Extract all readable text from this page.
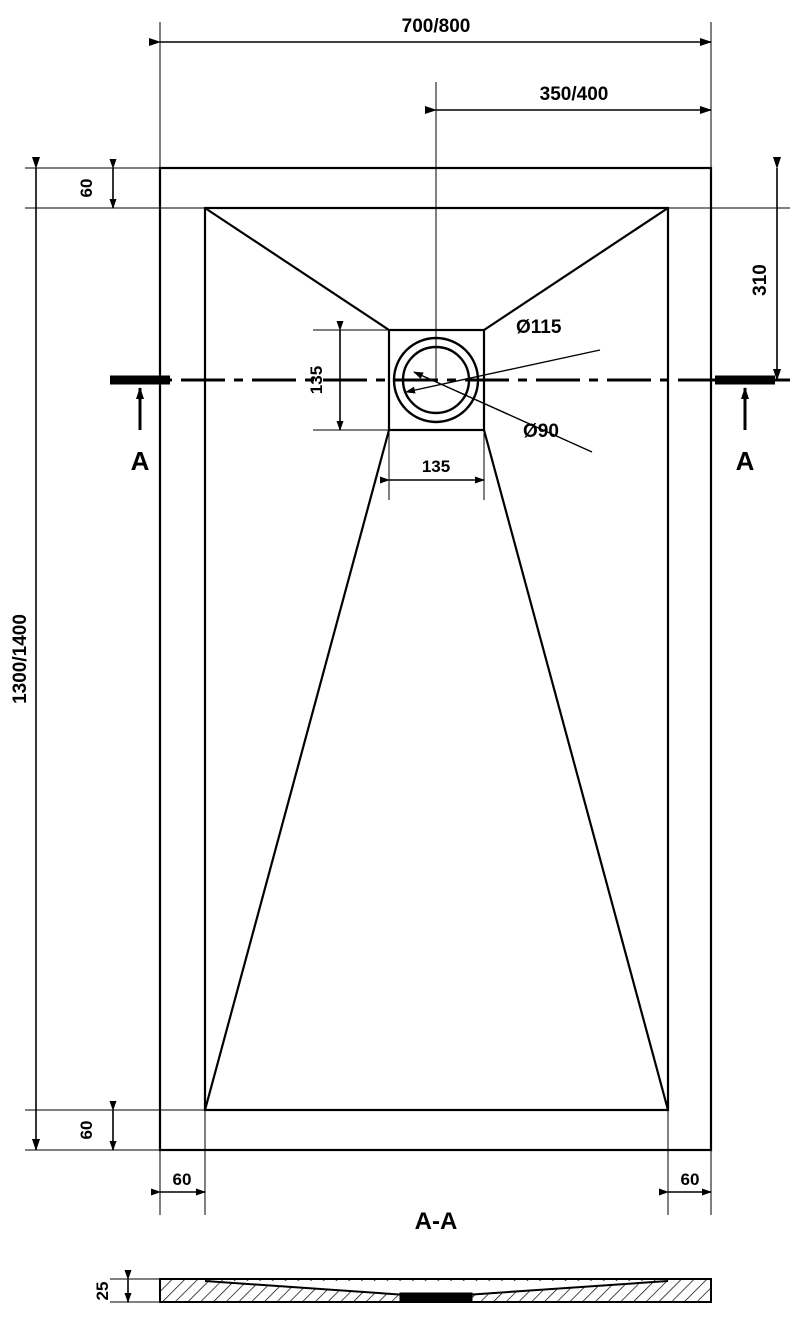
700/800
350/400
1300/1400
60
60
310
60	60
A	A
135
135
Ø115
Ø90
A-A
25
